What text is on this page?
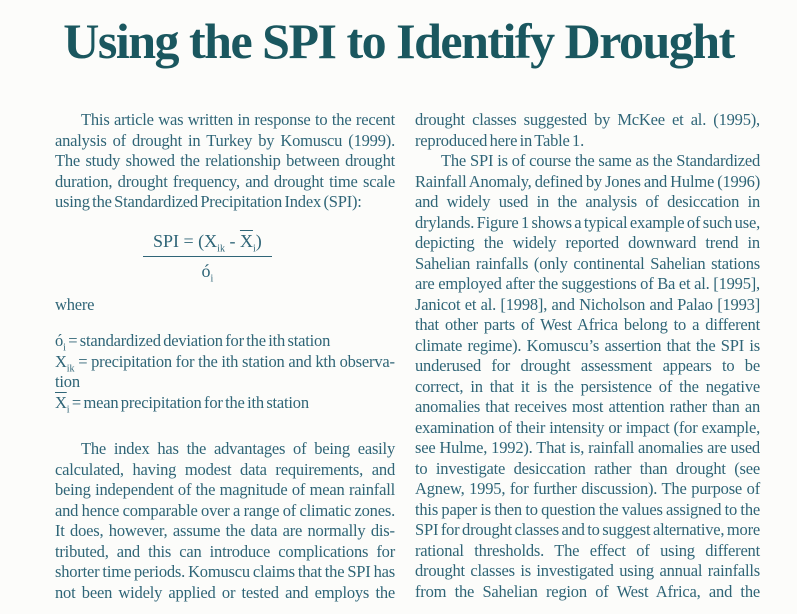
Using the SPI to Identify Drought

This article was written in response to the recent analysis of drought in Turkey by Komuscu (1999). The study showed the relationship between drought duration, drought frequency, and drought time scale using the Standardized Precipitation Index (SPI):

$\frac{SPI = (X_{ik} - \overline{X}_i)}{ó_i}$

where

$ó_i$ = standardized deviation for the ith station
$X_{ik}$ = precipitation for the ith station and kth observation
$\overline{X}_i$ = mean precipitation for the ith station

The index has the advantages of being easily calculated, having modest data requirements, and being independent of the magnitude of mean rainfall and hence comparable over a range of climatic zones. It does, however, assume the data are normally distributed, and this can introduce complications for shorter time periods. Komuscu claims that the SPI has not been widely applied or tested and employs the

drought classes suggested by McKee et al. (1995), reproduced here in Table 1.

The SPI is of course the same as the Standardized Rainfall Anomaly, defined by Jones and Hulme (1996) and widely used in the analysis of desiccation in drylands. Figure 1 shows a typical example of such use, depicting the widely reported downward trend in Sahelian rainfalls (only continental Sahelian stations are employed after the suggestions of Ba et al. [1995], Janicot et al. [1998], and Nicholson and Palao [1993] that other parts of West Africa belong to a different climate regime). Komuscu’s assertion that the SPI is underused for drought assessment appears to be correct, in that it is the persistence of the negative anomalies that receives most attention rather than an examination of their intensity or impact (for example, see Hulme, 1992). That is, rainfall anomalies are used to investigate desiccation rather than drought (see Agnew, 1995, for further discussion). The purpose of this paper is then to question the values assigned to the SPI for drought classes and to suggest alternative, more rational thresholds. The effect of using different drought classes is investigated using annual rainfalls from the Sahelian region of West Africa, and the
